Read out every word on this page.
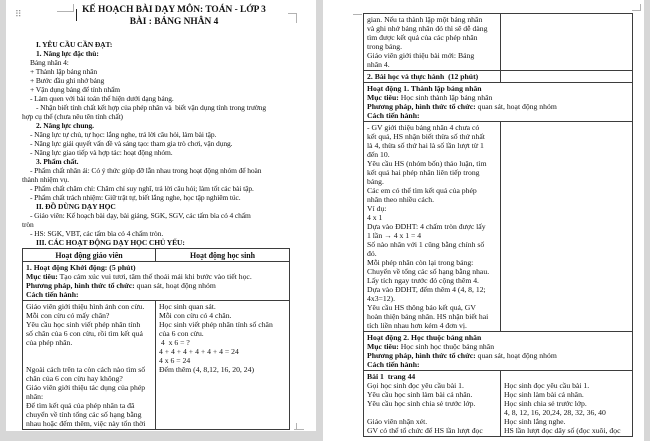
KẾ HOẠCH BÀI DẠY MÔN: TOÁN - LỚP 3
BÀI : BẢNG NHÂN 4
I. YÊU CẦU CẦN ĐẠT:
1. Năng lực đặc thù:
Bảng nhân 4:
+ Thành lập bảng nhân
+ Bước đầu ghi nhớ bảng
+ Vận dụng bảng để tính nhẩm
- Làm quen với bài toán thể hiện dưới dạng bảng.
- Nhận biết tính chất kết hợp của phép nhân và  biết vận dụng tính trong trường
hợp cụ thể (chưa nêu tên tính chất)
2. Năng lực chung.
- Năng lực tự chủ, tự học: lắng nghe, trả lời câu hỏi, làm bài tập.
- Năng lực giải quyết vấn đề và sáng tạo: tham gia trò chơi, vận dụng.
- Năng lực giao tiếp và hợp tác: hoạt động nhóm.
3. Phẩm chất.
- Phẩm chất nhân ái: Có ý thức giúp đỡ lẫn nhau trong hoạt động nhóm để hoàn
thành nhiệm vụ.
- Phẩm chất chăm chỉ: Chăm chỉ suy nghĩ, trả lời câu hỏi; làm tốt các bài tập.
- Phẩm chất trách nhiệm: Giữ trật tự, biết lắng nghe, học tập nghiêm túc.
II. ĐỒ DÙNG DẠY HỌC
- Giáo viên: Kế hoạch bài dạy, bài giảng, SGK, SGV, các tấm bìa có 4 chấm
tròn
- HS: SGK, VBT, các tấm bìa có 4 chấm tròn.
III. CÁC HOẠT ĐỘNG DẠY HỌC CHỦ YẾU:
Hoạt động giáo viên	Hoạt động học sinh
1. Hoạt động Khởi động: (5 phút)
Mục tiêu: Tạo cảm xúc vui tươi, tâm thế thoải mái khi bước vào tiết học.
Phương pháp, hình thức tổ chức: quan sát, hoạt động nhóm
Cách tiến hành:
Giáo viên giới thiệu hình ảnh con cừu.
Mỗi con cừu có mấy chân?
Yêu cầu học sinh viết phép nhân tính
số chân của 6 con cừu, rồi tìm kết quả
của phép nhân.

Ngoài cách trên ta còn cách nào tìm số
chân của 6 con cừu hay không?
Giáo viên giới thiệu tác dụng của phép
nhân:
Để tìm kết quả của phép nhân ta đã
chuyển về tính tổng các số hạng bằng
nhau hoặc đếm thêm, việc này tốn thời
Học sinh quan sát.
Mỗi con cừu có 4 chân.
Học sinh viết phép nhân tính số chân
của 6 con cừu.
4  x 6 = ?
4 + 4 + 4 + 4 + 4 + 4 = 24
4 x 6 = 24
Đếm thêm (4, 8,12, 16, 20, 24)
⠿	gian. Nếu ta thành lập một bảng nhân
và ghi nhớ bảng nhân đó thì sẽ dễ dàng
tìm được kết quả của các phép nhân
trong bảng.
Giáo viên giới thiệu bài mới: Bảng
nhân 4.
2. Bài học và thực hành  (12 phút)
Hoạt động 1. Thành lập bảng nhân
Mục tiêu: Học sinh thành lập bảng nhân
Phương pháp, hình thức tổ chức: quan sát, hoạt động nhóm
Cách tiến hành:
- GV giới thiệu bảng nhân 4 chưa có
kết quả, HS nhận biết thừa số thứ nhất
là 4, thừa số thứ hai là số lần lượt từ 1
đến 10.
Yêu cầu HS (nhóm bốn) thảo luận, tìm
kết quả hai phép nhân liên tiếp trong
bảng.
Các em có thể tìm kết quả của phép
nhân theo nhiều cách.
Ví dụ:
4 x 1
Dựa vào ĐDHT: 4 chấm tròn được lấy
1 lần → 4 x 1 = 4
Số nào nhân với 1 cũng bằng chính số
đó.
Mỗi phép nhân còn lại trong bảng:
Chuyển về tổng các số hạng bằng nhau.
Lấy tích ngay trước đó cộng thêm 4.
Dựa vào ĐDHT, đếm thêm 4 (4, 8, 12;
4x3=12).
Yêu cầu HS thông báo kết quả, GV
hoàn thiện bảng nhân. HS nhận biết hai
tích liền nhau hơn kém 4 đơn vị.
Hoạt động 2. Học thuộc bảng nhân
Mục tiêu: Học sinh học thuộc bảng nhân
Phương pháp, hình thức tổ chức: quan sát, hoạt động nhóm
Cách tiến hành:
Bài 1  trang 44
Gọi học sinh đọc yêu cầu bài 1.
Yêu cầu học sinh làm bài cá nhân.
Yêu cầu học sinh chia sẻ trước lớp.

Giáo viên nhận xét.
GV có thể tổ chức để HS lần lượt đọc

Học sinh đọc yêu cầu bài 1.
Học sinh làm bài cá nhân.
Học sinh chia sẻ trước lớp.
4, 8, 12, 16, 20,24, 28, 32, 36, 40
Học sinh lắng nghe.
HS lần lượt đọc dãy số (đọc xuôi, đọc
